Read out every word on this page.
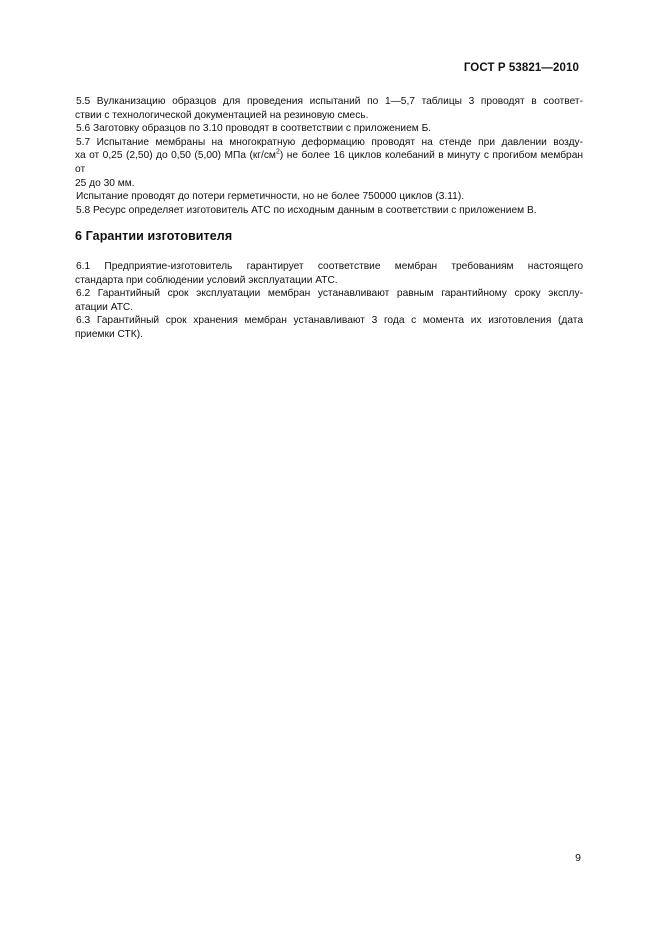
ГОСТ Р 53821—2010
5.5 Вулканизацию образцов для проведения испытаний по 1—5,7 таблицы 3 проводят в соответ-
ствии с технологической документацией на резиновую смесь.
5.6 Заготовку образцов по 3.10 проводят в соответствии с приложением Б.
5.7 Испытание мембраны на многократную деформацию проводят на стенде при давлении возду-
ха от 0,25 (2,50) до 0,50 (5,00) МПа $(кг/см^2)$ не более 16 циклов колебаний в минуту с прогибом мембран от
25 до 30 мм.
Испытание проводят до потери герметичности, но не более 750000 циклов (3.11).
5.8 Ресурс определяет изготовитель АТС по исходным данным в соответствии с приложением В.
6 Гарантии изготовителя
6.1 Предприятие-изготовитель гарантирует соответствие мембран требованиям настоящего
стандарта при соблюдении условий эксплуатации АТС.
6.2 Гарантийный срок эксплуатации мембран устанавливают равным гарантийному сроку эксплу-
атации АТС.
6.3 Гарантийный срок хранения мембран устанавливают 3 года с момента их изготовления (дата
приемки СТК).
9
